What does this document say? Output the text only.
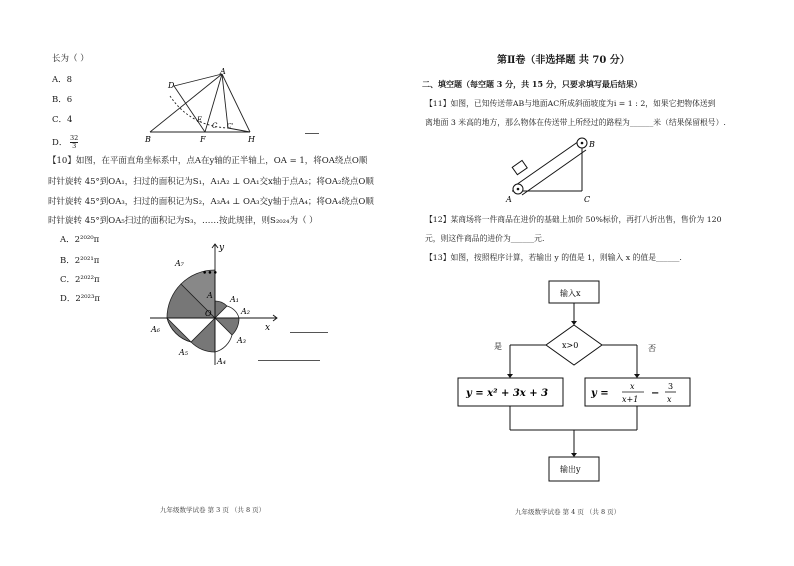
长为（ ）
A．8
B．6
C．4
D． $\frac{32}{3}$
A
D
B
E
F
C
H
C'
【10】如图，在平面直角坐标系中，点A在y轴的正半轴上，OA = 1，将OA绕点O顺
时针旋转 45°到OA₁，扫过的面积记为S₁，A₁A₂ ⊥ OA₁交x轴于点A₂；将OA₂绕点O顺
时针旋转 45°到OA₃，扫过的面积记为S₂，A₃A₄ ⊥ OA₃交y轴于点A₄；将OA₄绕点O顺
时针旋转 45°到OA₅扫过的面积记为S₃，……按此规律，则S₂₀₂₄为（ ）
A．2²⁰²⁰π
B．2²⁰²¹π
C．2²⁰²²π
D．2²⁰²³π
y
A₇
A A₁
O	A₂
A₆	x
A₃
A₅
A₄
•••
九年级数学试卷 第 3 页 （共 8 页）
第Ⅱ卷（非选择题 共 70 分）
二、填空题（每空题 3 分，共 15 分，只要求填写最后结果）
【11】如图，已知传送带AB与地面AC所成斜面坡度为i = 1 : 2，如果它把物体送到
离地面 3 米高的地方，那么物体在传送带上所经过的路程为______米（结果保留根号）.
B
A	C
【12】某商场将一件商品在进价的基础上加价 50%标价，再打八折出售，售价为 120
元，则这件商品的进价为______元.
【13】如图，按照程序计算，若输出 y 的值是 1，则输入 x 的值是______.
输入x
x>0
是	否
y = x² + 3x + 3	y =
x
x+1
−
3
x
输出y
九年级数学试卷 第 4 页 （共 8 页）
